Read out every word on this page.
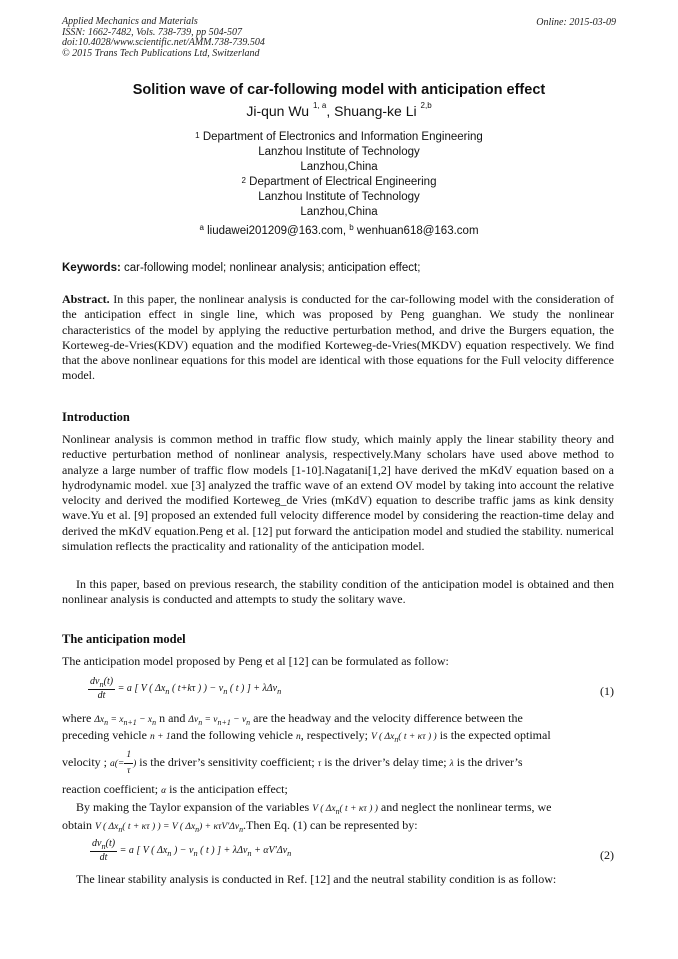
Applied Mechanics and Materials
ISSN: 1662-7482, Vols. 738-739, pp 504-507
doi:10.4028/www.scientific.net/AMM.738-739.504
© 2015 Trans Tech Publications Ltd, Switzerland
Online: 2015-03-09
Solition wave of car-following model with anticipation effect
Ji-qun Wu $^{1, a}$, Shuang-ke Li $^{2,b}$
$^1$ Department of Electronics and Information Engineering
Lanzhou Institute of Technology
Lanzhou,China
$^2$ Department of Electrical Engineering
Lanzhou Institute of Technology
Lanzhou,China
$^a$ liudawei201209@163.com, $^b$ wenhuan618@163.com
Keywords: car-following model; nonlinear analysis; anticipation effect;
Abstract. In this paper, the nonlinear analysis is conducted for the car-following model with the consideration of the anticipation effect in single line, which was proposed by Peng guanghan. We study the nonlinear characteristics of the model by applying the reductive perturbation method, and drive the Burgers equation, the Korteweg-de-Vries(KDV) equation and the modified Korteweg-de-Vries(MKDV) equation respectively. We find that the above nonlinear equations for this model are identical with those equations for the Full velocity difference model.
Introduction
Nonlinear analysis is common method in traffic flow study, which mainly apply the linear stability theory and reductive perturbation method of nonlinear analysis, respectively.Many scholars have used above method to analyze a large number of traffic flow models [1-10].Nagatani[1,2] have derived the mKdV equation based on a hydrodynamic model. xue [3] analyzed the traffic wave of an extend OV model by taking into account the relative velocity and derived the modified Korteweg_de Vries (mKdV) equation to describe traffic jams as kink density wave.Yu et al. [9] proposed an extended full velocity difference model by considering the reaction-time delay and derived the mKdV equation.Peng et al. [12] put forward the anticipation model and studied the stability. numerical simulation reflects the practicality and rationality of the anticipation model.
In this paper, based on previous research, the stability condition of the anticipation model is obtained and then nonlinear analysis is conducted and attempts to study the solitary wave.
The anticipation model
The anticipation model proposed by Peng et al [12] can be formulated as follow:
$\frac{dv_n(t)}{dt} = a$ [ V ( $\Delta x_n$ ( t+kτ ) ) − $v_n$ ( t ) ] + λΔv$_n$	(1)
where $\Delta x_n = x_{n+1} - x_n$ n and $\Delta v_n = v_{n+1} - v_n$ are the headway and the velocity difference between the
preceding vehicle n + 1and the following vehicle n, respectively; V ( $\Delta x_n$( t + κτ ) ) is the expected optimal
velocity ; $a(= \frac{1}{\tau}$ ) is the driver’s sensitivity coefficient; τ is the driver’s delay time; λ is the driver’s
reaction coefficient; α is the anticipation effect;
By making the Taylor expansion of the variables V ( $\Delta x_n$( t + κτ ) ) and neglect the nonlinear terms, we
obtain V ( $\Delta x_n$( t + κτ ) ) = V ( $\Delta x_n$) + $\kappa\tau V'\Delta v_n.Then$ Eq. (1) can be represented by:
$\frac{dv_n(t)}{dt} = a$ [ V ( $\Delta x_n$ ) − $v_n$ ( t ) ] + $\lambda\Delta v_n + \alpha V'\Delta v_n$	(2)
The linear stability analysis is conducted in Ref. [12] and the neutral stability condition is as follow:
